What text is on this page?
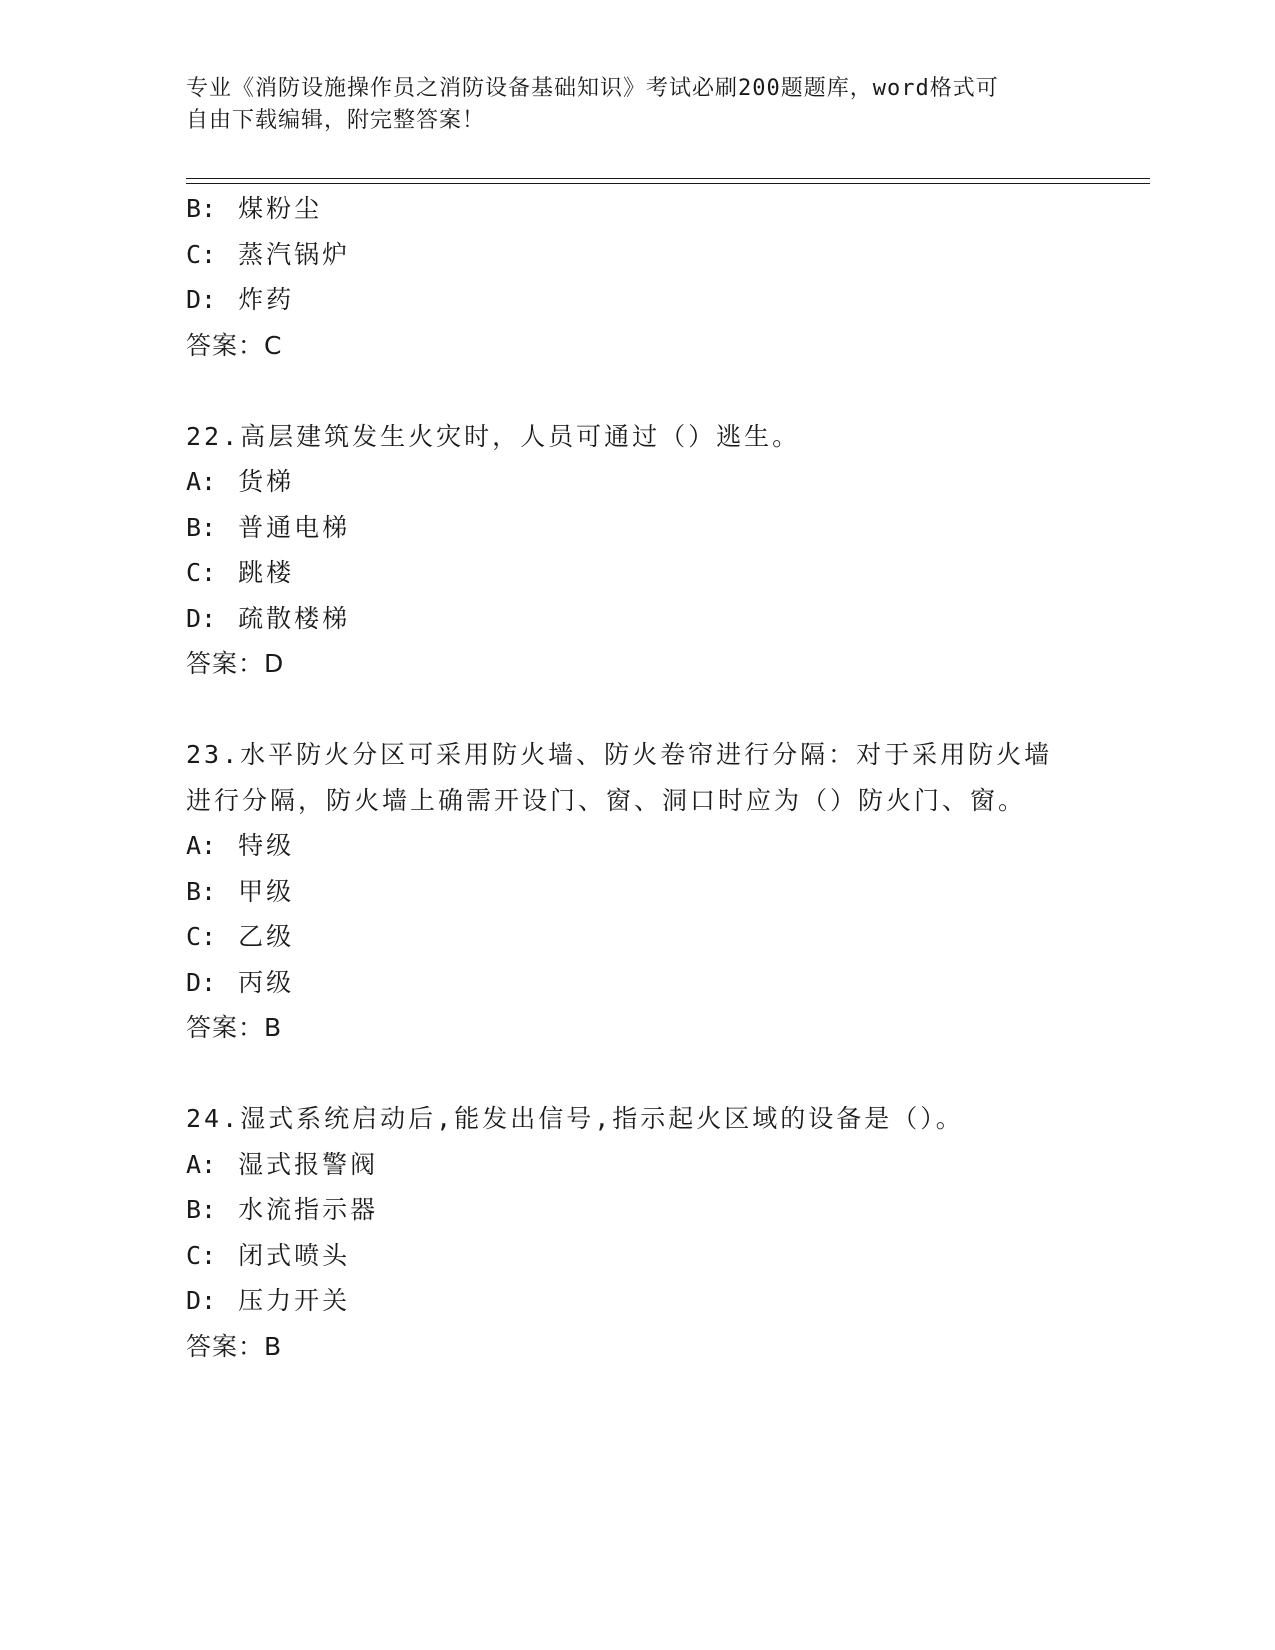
专业《消防设施操作员之消防设备基础知识》考试必刷200题题库，word格式可
自由下载编辑，附完整答案！
B: 煤粉尘
C: 蒸汽锅炉
D: 炸药
答案：C
22.高层建筑发生火灾时，人员可通过（）逃生。
A: 货梯
B: 普通电梯
C: 跳楼
D: 疏散楼梯
答案：D
23.水平防火分区可采用防火墙、防火卷帘进行分隔：对于采用防火墙
进行分隔，防火墙上确需开设门、窗、洞口时应为（）防火门、窗。
A: 特级
B: 甲级
C: 乙级
D: 丙级
答案：B
24.湿式系统启动后,能发出信号,指示起火区域的设备是（）。
A: 湿式报警阀
B: 水流指示器
C: 闭式喷头
D: 压力开关
答案：B
